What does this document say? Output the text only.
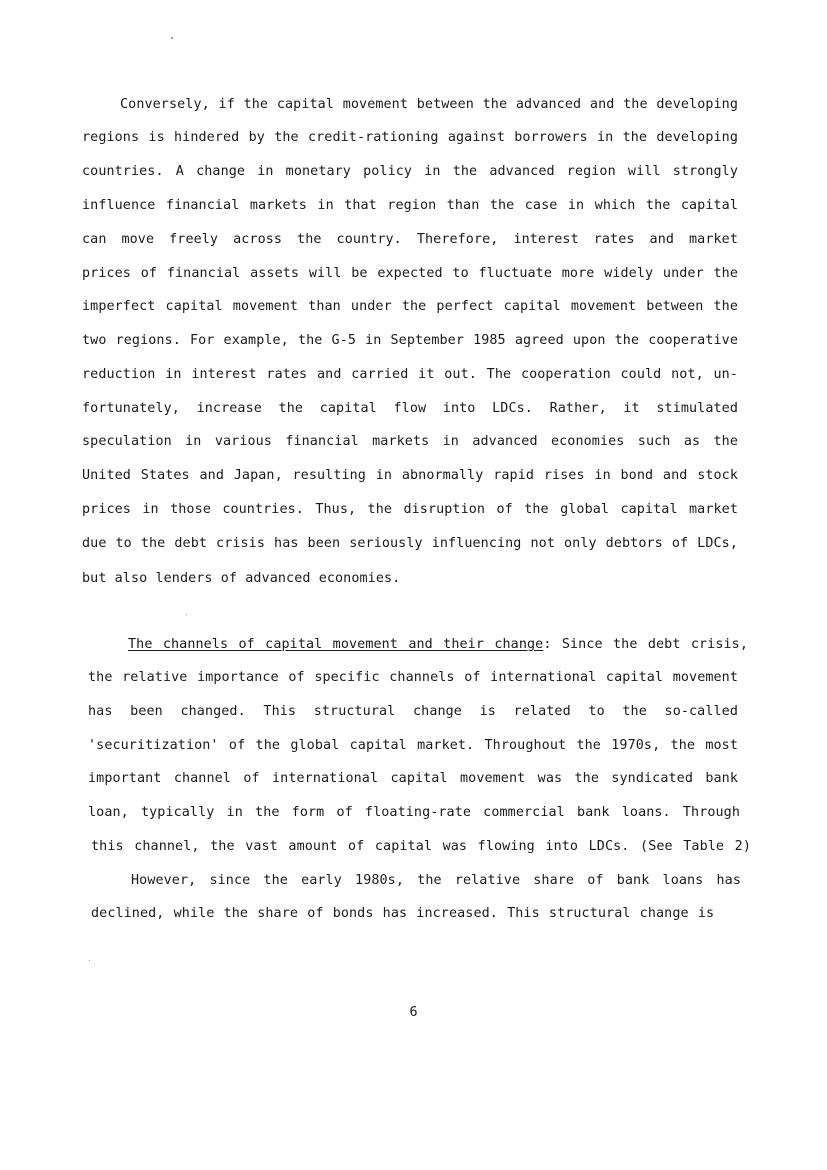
Conversely, if the capital movement between the advanced and the developing
regions is hindered by the credit-rationing against borrowers in the developing
countries. A change in monetary policy in the advanced region will strongly
influence financial markets in that region than the case in which the capital
can move freely across the country. Therefore, interest rates and market
prices of financial assets will be expected to fluctuate more widely under the
imperfect capital movement than under the perfect capital movement between the
two regions. For example, the G-5 in September 1985 agreed upon the cooperative
reduction in interest rates and carried it out. The cooperation could not, un-
fortunately, increase the capital flow into LDCs. Rather, it stimulated
speculation in various financial markets in advanced economies such as the
United States and Japan, resulting in abnormally rapid rises in bond and stock
prices in those countries. Thus, the disruption of the global capital market
due to the debt crisis has been seriously influencing not only debtors of LDCs,
but also lenders of advanced economies.
The channels of capital movement and their change: Since the debt crisis,
the relative importance of specific channels of international capital movement
has been changed. This structural change is related to the so-called
'securitization' of the global capital market. Throughout the 1970s, the most
important channel of international capital movement was the syndicated bank
loan, typically in the form of floating-rate commercial bank loans. Through
this channel, the vast amount of capital was flowing into LDCs. (See Table 2)
However, since the early 1980s, the relative share of bank loans has
declined, while the share of bonds has increased. This structural change is
6
